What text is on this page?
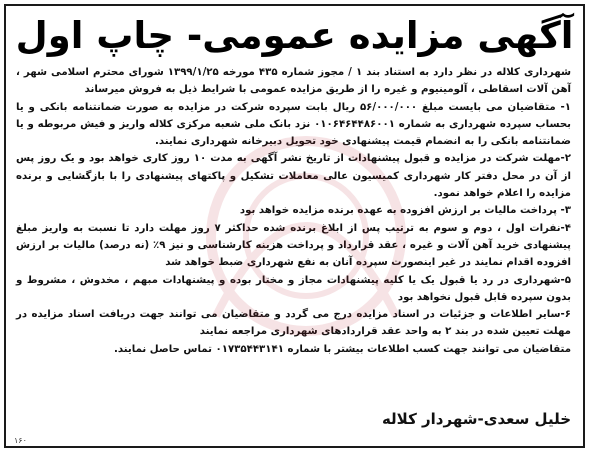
آگهی مزایده عمومی- چاپ اول

شهرداری کلاله در نظر دارد به استناد بند ۱ / مجوز شماره ۴۳۵ مورخه ۱۳۹۹/۱/۲۵ شورای محترم اسلامی شهر ، آهن آلات اسقاطی ، آلومینیوم و غیره را از طریق مزایده عمومی با شرایط ذیل به فروش میرساند

۱- متقاضیان می بایست مبلغ ۵۶/۰۰۰/۰۰۰ ریال بابت سپرده شرکت در مزایده به صورت ضمانتنامه بانکی و یا بحساب سپرده شهرداری به شماره ۰۱۰۶۴۶۴۴۸۶۰۰۱ نزد بانک ملی شعبه مرکزی کلاله واریز و فیش مربوطه و یا ضمانتنامه بانکی را به انضمام قیمت پیشنهادی خود تحویل دبیرخانه شهرداری نمایند.

۲-مهلت شرکت در مزایده و قبول پیشنهادات از تاریخ نشر آگهی به مدت ۱۰ روز کاری خواهد بود و یک روز پس از آن در محل دفتر کار شهرداری کمیسیون عالی معاملات تشکیل و پاکتهای پیشنهادی را با بازگشایی و برنده مزایده را اعلام خواهد نمود.

۳- پرداخت مالیات بر ارزش افزوده به عهده برنده مزایده خواهد بود

۴-نفرات اول ، دوم و سوم به ترتیب پس از ابلاغ برنده شده حداکثر ۷ روز مهلت دارد تا نسبت به واریز مبلغ پیشنهادی خرید آهن آلات و غیره ، عقد قرارداد و پرداخت هزینه کارشناسی و نیز ۹٪ (نه درصد) مالیات بر ارزش افزوده اقدام نمایند در غیر اینصورت سپرده آنان به نفع شهرداری ضبط خواهد شد

۵-شهرداری در رد یا قبول یک یا کلیه پیشنهادات مجاز و مختار بوده و پیشنهادات مبهم ، مخدوش ، مشروط و بدون سپرده قابل قبول نخواهد بود

۶-سایر اطلاعات و جزئیات در اسناد مزایده درج می گردد و متقاضیان می توانند جهت دریافت اسناد مزایده در مهلت تعیین شده در بند ۲ به واحد عقد قراردادهای شهرداری مراجعه نمایند

متقاضیان می توانند جهت کسب اطلاعات بیشتر با شماره ۰۱۷۳۵۴۴۳۱۴۱ تماس حاصل نمایند.

خلیل سعدی-شهردار کلاله
۱۶۰
